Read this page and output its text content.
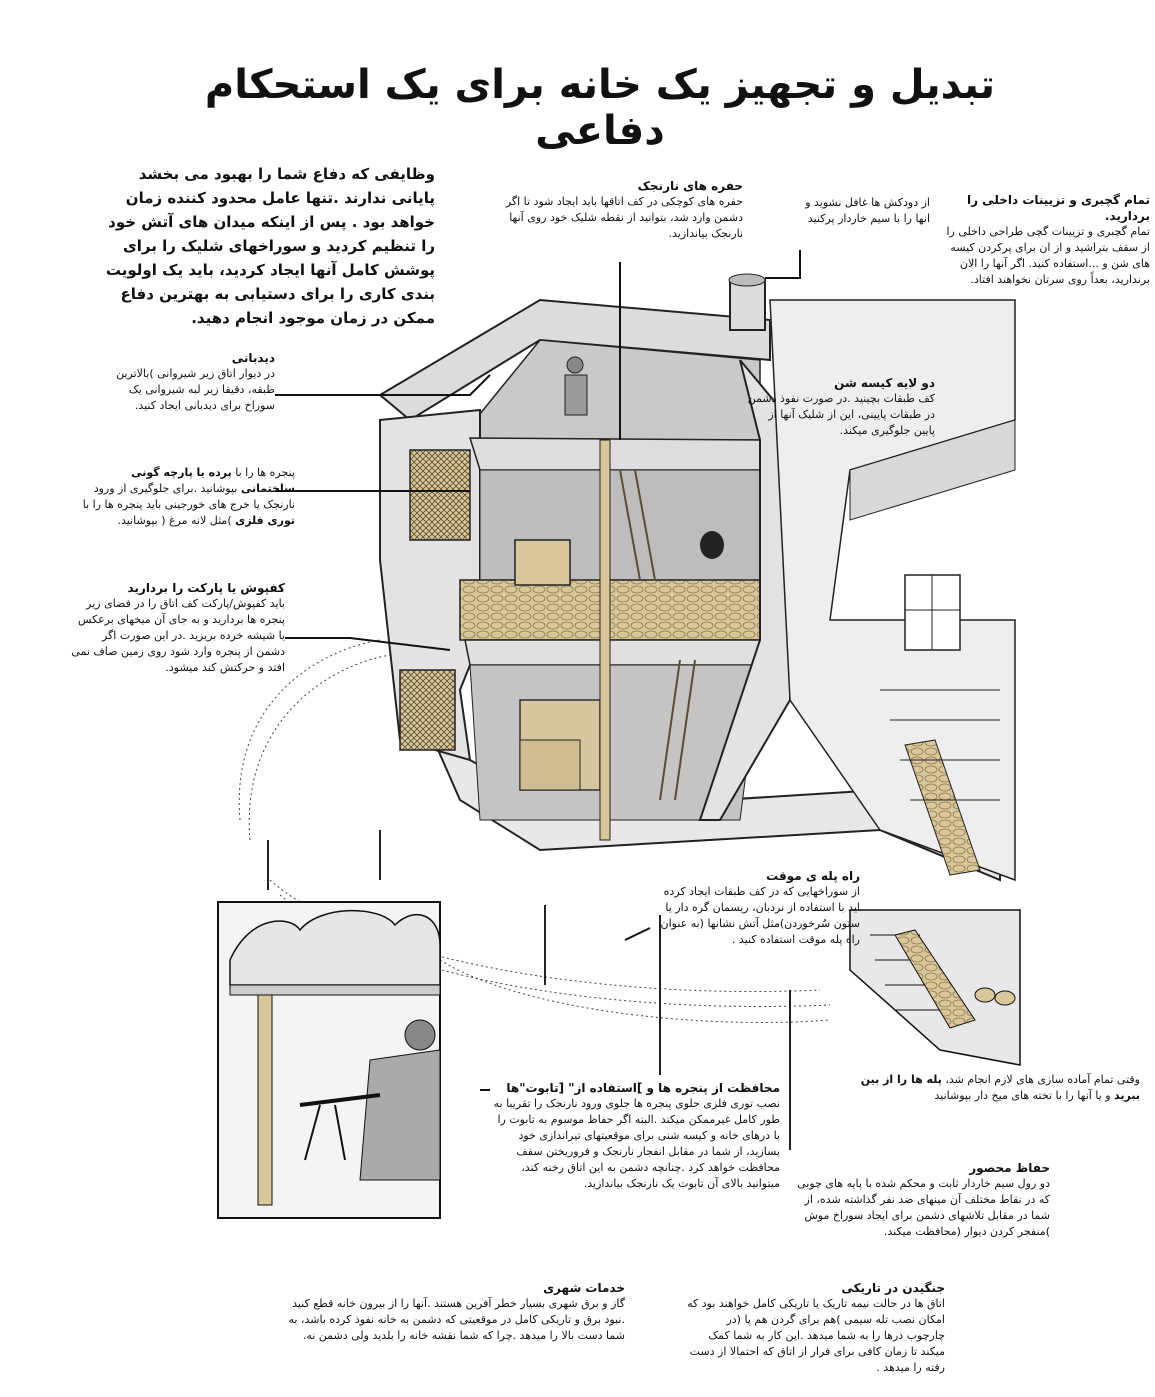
تبدیل و تجهیز یک خانه برای یک استحکام دفاعی
وظایفی که دفاع شما را بهبود می بخشد پایانی ندارند .تنها عامل محدود کننده زمان خواهد بود . پس از اینکه میدان های آتش خود را تنظیم کردید و سوراخهای شلیک را برای پوشش کامل آنها ایجاد کردید، باید یک اولویت بندی کاری را برای دستیابی به بهترین دفاع ممکن در زمان موجود انجام دهید.
حفره های نارنجک
حفره های کوچکی در کف اتاقها باید ایجاد شود تا اگر دشمن وارد شد، بتوانید از نقطه شلیک خود روی آنها نارنجک بیاندازید.
از دودکش ها غافل نشوید و انها را با سیم خاردار پرکنید
تمام گچبری و تزیینات داخلی را بردارید.
تمام گچبری و تزیینات گچی طراحی داخلی را از سقف بتراشید و از ان برای پرکردن کیسه های شن و ...استفاده کنید. اگر آنها را الان برندارید، بعداً روی سرتان نخواهند افتاد.
دیدبانی
در دیوار اتاق زیر شیروانی )بالاترین طبقه، دقیقا زیر لبه شیروانی یک سوراخ برای دیدبانی ایجاد کنید.
دو لایه کیسه شن
کف طبقات بچینید .در صورت نفوذ دشمن در طبقات پایینی، این از شلیک آنها از پایین جلوگیری میکند.
پنجره ها را با پرده یا پارچه گونی ساختمانی بپوشانید .برای جلوگیری از ورود نارنجک یا خرج های خورجینی باید پنجره ها را با توری فلزی )مثل لانه مرغ ( بپوشانید.
کفپوش یا پارکت را بردارید
باید کفپوش/پارکت کف اتاق را در فضای زیر پنجره ها بردارید و به جای آن میخهای برعکس یا شیشه خرده بریزید .در این صورت اگر دشمن از پنجره وارد شود روی زمین صاف نمی افتد و حرکتش کند میشود.
راه پله ی موقت
از سوراخهایی که در کف طبقات ایجاد کرده اید با استفاده از نردبان، ریسمان گره دار یا ستون سُرخوردن)مثل آتش نشانها (به عنوان راه پله موقت استفاده کنید .
وقتی تمام آماده سازی های لازم انجام شد، پله ها را از بین ببرید و یا آنها را با تخته های میخ دار بپوشانید
محافظت از پنجره ها و ]استفاده از" [تابوت"ها
نصب توری فلزی جلوی پنجره ها جلوی ورود نارنجک را تقریبا به طور کامل غیرممکن میکند .البته اگر حفاظ موسوم به تابوت را با درهای خانه و کیسه شنی برای موقعیتهای تیراندازی خود بسازید، از شما در مقابل انفجار نارنجک و فروریختن سقف محافظت خواهد کرد .چنانچه دشمن به این اتاق رخنه کند، میتوانید بالای آن تابوت یک نارنجک بیاندازید.
حفاظ محصور
دو رول سیم خاردار ثابت و محکم شده با پایه های چوبی که در نقاط مختلف آن مینهای ضد نفر گذاشته شده، از شما در مقابل تلاشهای دشمن برای ایجاد سوراخ موش )منفجر کردن دیوار (محافظت میکند.
خدمات شهری
گاز و برق شهری بسیار خطر آفرین هستند .آنها را از بیرون خانه قطع کنید .نبود برق و تاریکی کامل در موقعیتی که دشمن به خانه نفوذ کرده باشد، به شما دست بالا را میدهد .چرا که شما نقشه خانه را بلدید ولی دشمن نه.
جنگیدن در تاریکی
اتاق ها در حالت نیمه تاریک یا تاریکی کامل خواهند بود که امکان نصب تله سیمی )هم برای گردن هم پا (در چارچوب درها را به شما میدهد .این کار به شما کمک میکند تا زمان کافی برای فرار از اتاق که احتمالا از دست رفته را میدهد .
